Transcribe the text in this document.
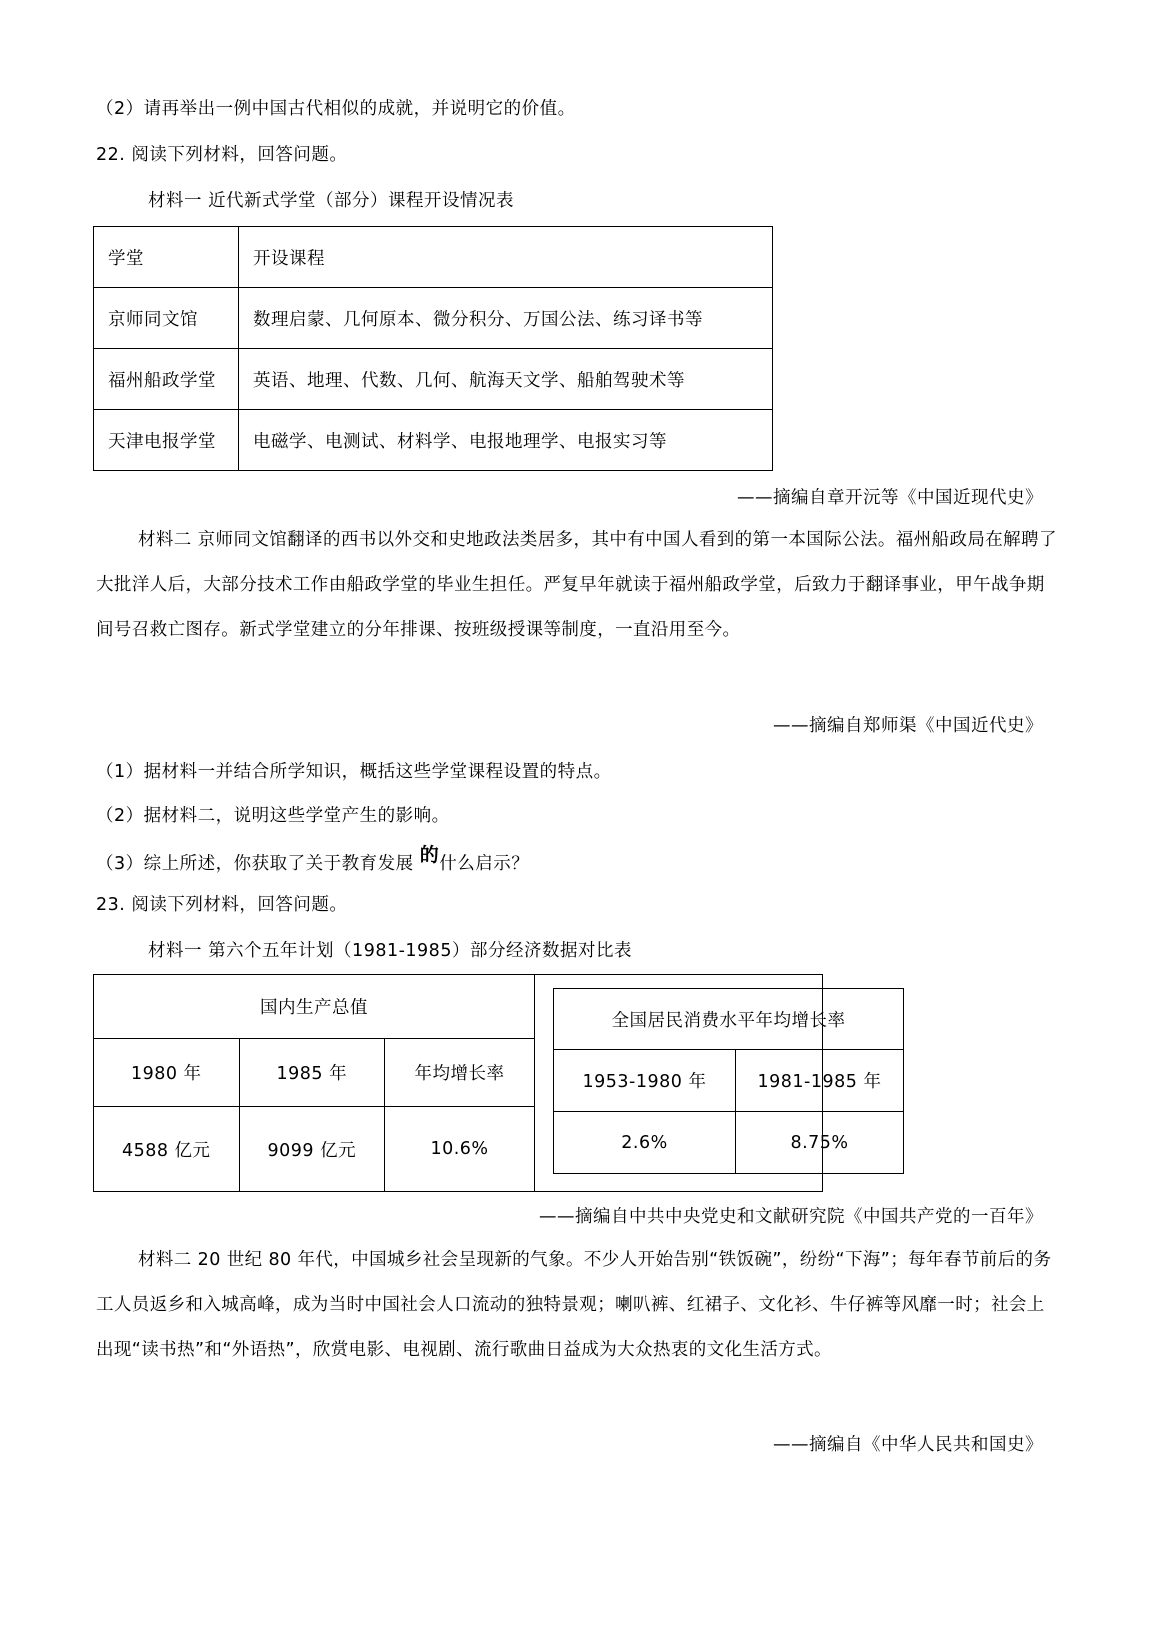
（2）请再举出一例中国古代相似的成就，并说明它的价值。
22. 阅读下列材料，回答问题。
材料一 近代新式学堂（部分）课程开设情况表
学堂	开设课程
京师同文馆	数理启蒙、几何原本、微分积分、万国公法、练习译书等
福州船政学堂	英语、地理、代数、几何、航海天文学、船舶驾驶术等
天津电报学堂	电磁学、电测试、材料学、电报地理学、电报实习等
——摘编自章开沅等《中国近现代史》
材料二 京师同文馆翻译的西书以外交和史地政法类居多，其中有中国人看到的第一本国际公法。福州船政局在解聘了大批洋人后，大部分技术工作由船政学堂的毕业生担任。严复早年就读于福州船政学堂，后致力于翻译事业，甲午战争期间号召救亡图存。新式学堂建立的分年排课、按班级授课等制度，一直沿用至今。
——摘编自郑师渠《中国近代史》
（1）据材料一并结合所学知识，概括这些学堂课程设置的特点。
（2）据材料二，说明这些学堂产生的影响。
（3）综上所述，你获取了关于教育发展 的什么启示？
23. 阅读下列材料，回答问题。
材料一 第六个五年计划（1981-1985）部分经济数据对比表
国内生产总值		
1980 年	1985 年	年均增长率
4588 亿元	9099 亿元	10.6%
全国居民消费水平年均增长率	
1953-1980 年	1981-1985 年
2.6%	8.75%
——摘编自中共中央党史和文献研究院《中国共产党的一百年》
材料二 20 世纪 80 年代，中国城乡社会呈现新的气象。不少人开始告别“铁饭碗”，纷纷“下海”；每年春节前后的务工人员返乡和入城高峰，成为当时中国社会人口流动的独特景观；喇叭裤、红裙子、文化衫、牛仔裤等风靡一时；社会上出现“读书热”和“外语热”，欣赏电影、电视剧、流行歌曲日益成为大众热衷的文化生活方式。
——摘编自《中华人民共和国史》
